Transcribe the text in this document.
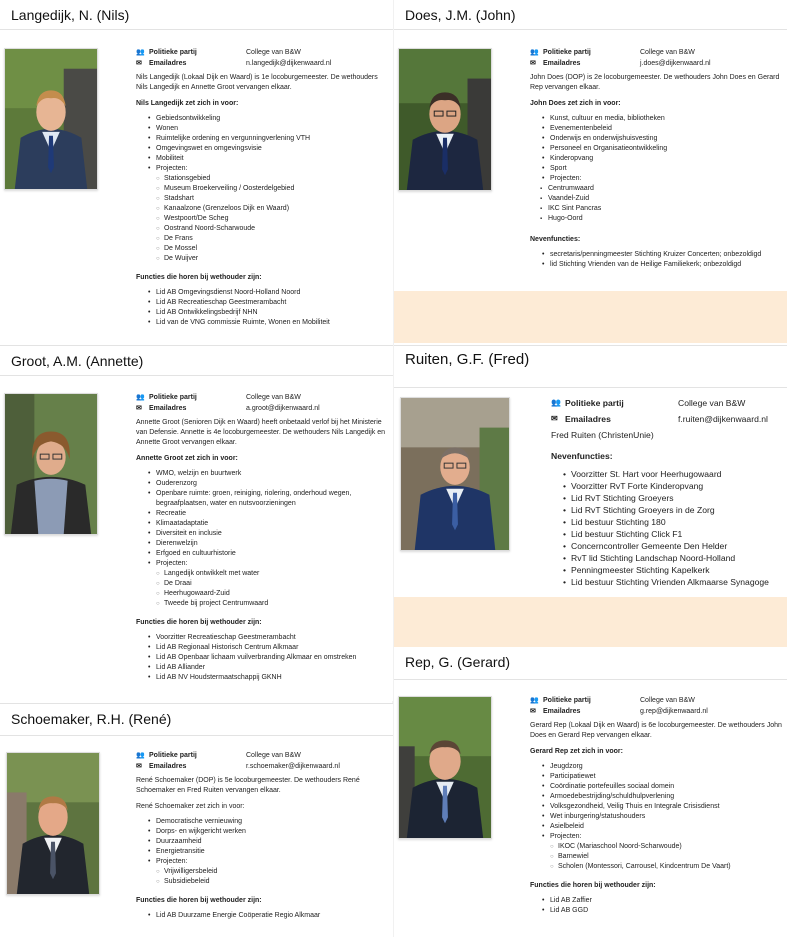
Langedijk, N. (Nils)
👥 Politieke partij	College van B&W
✉	Emailadres	n.langedijk@dijkenwaard.nl

Nils Langedijk (Lokaal Dijk en Waard) is 1e locoburgemeester. De wethouders Nils Langedijk en Annette Groot vervangen elkaar.

Nils Langedijk zet zich in voor:

• Gebiedsontwikkeling
• Wonen
• Ruimtelijke ordening en vergunningverlening VTH
• Omgevingswet en omgevingsvisie
• Mobiliteit
• Projecten:
○ Stationsgebied
○ Museum Broekerveiling / Oosterdelgebied
○ Stadshart
○ Kanaalzone (Grenzeloos Dijk en Waard)
○ Westpoort/De Scheg
○ Oostrand Noord-Scharwoude
○ De Frans
○ De Mossel
○ De Wuijver

Functies die horen bij wethouder zijn:

• Lid AB Omgevingsdienst Noord-Holland Noord
• Lid AB Recreatieschap Geestmerambacht
• Lid AB Ontwikkelingsbedrijf NHN
• Lid van de VNG commissie Ruimte, Wonen en Mobiliteit
Does, J.M. (John)
👥 Politieke partij	College van B&W
✉	Emailadres	j.does@dijkenwaard.nl

John Does (DOP) is 2e locoburgemeester. De wethouders John Does en Gerard Rep vervangen elkaar.

John Does zet zich in voor:

• Kunst, cultuur en media, bibliotheken
• Evenementenbeleid
• Onderwijs en onderwijshuisvesting
• Personeel en Organisatieontwikkeling
• Kinderopvang
• Sport
• Projecten:
▪ Centrumwaard
▪ Vaandel-Zuid
▪ IKC Sint Pancras
▪ Hugo-Oord

Nevenfuncties:

• secretaris/penningmeester Stichting Kruizer Concerten; onbezoldigd
• lid Stichting Vrienden van de Heilige Familiekerk; onbezoldigd
Groot, A.M. (Annette)
👥 Politieke partij	College van B&W
✉	Emailadres	a.groot@dijkenwaard.nl

Annette Groot (Senioren Dijk en Waard) heeft onbetaald verlof bij het Ministerie van Defensie. Annette is 4e locoburgemeester. De wethouders Nils Langedijk en Annette Groot vervangen elkaar.

Annette Groot zet zich in voor:

• WMO, welzijn en buurtwerk
• Ouderenzorg
• Openbare ruimte: groen, reiniging, riolering, onderhoud wegen, begraafplaatsen, water en nutsvoorzieningen
• Recreatie
• Klimaatadaptatie
• Diversiteit en inclusie
• Dierenwelzijn
• Erfgoed en cultuurhistorie
• Projecten:
○ Langedijk ontwikkelt met water
○ De Draai
○ Heerhugowaard-Zuid
○ Tweede bij project Centrumwaard

Functies die horen bij wethouder zijn:

• Voorzitter Recreatieschap Geestmerambacht
• Lid AB Regionaal Historisch Centrum Alkmaar
• Lid AB Openbaar lichaam vuilverbranding Alkmaar en omstreken
• Lid AB Alliander
• Lid AB NV Houdstermaatschappij GKNH
Ruiten, G.F. (Fred)
👥 Politieke partij	College van B&W
✉ Emailadres	f.ruiten@dijkenwaard.nl

Fred Ruiten (ChristenUnie)

Nevenfuncties:

• Voorzitter St. Hart voor Heerhugowaard
• Voorzitter RvT Forte Kinderopvang
• Lid RvT Stichting Groeyers
• Lid RvT Stichting Groeyers in de Zorg
• Lid bestuur Stichting 180
• Lid bestuur Stichting Click F1
• Concerncontroller Gemeente Den Helder
• RvT lid Stichting Landschap Noord-Holland
• Penningmeester Stichting Kapelkerk
• Lid bestuur Stichting Vrienden Alkmaarse Synagoge
Schoemaker, R.H. (René)
👥 Politieke partij	College van B&W
✉	Emailadres	r.schoemaker@dijkenwaard.nl

René Schoemaker (DOP) is 5e locoburgemeester. De wethouders René Schoemaker en Fred Ruiten vervangen elkaar.

René Schoemaker zet zich in voor:

• Democratische vernieuwing
• Dorps- en wijkgericht werken
• Duurzaamheid
• Energietransitie
• Projecten:
○ Vrijwilligersbeleid
○ Subsidiebeleid

Functies die horen bij wethouder zijn:

• Lid AB Duurzame Energie Coöperatie Regio Alkmaar
Rep, G. (Gerard)
👥 Politieke partij	College van B&W
✉	Emailadres	g.rep@dijkenwaard.nl

Gerard Rep (Lokaal Dijk en Waard) is 6e locoburgemeester. De wethouders John Does en Gerard Rep vervangen elkaar.

Gerard Rep zet zich in voor:

• Jeugdzorg
• Participatiewet
• Coördinatie portefeuilles sociaal domein
• Armoedebestrijding/schuldhulpverlening
• Volksgezondheid, Veilig Thuis en Integrale Crisisdienst
• Wet inburgering/statushouders
• Asielbeleid
• Projecten:
○ IKOC (Mariaschool Noord-Scharwoude)
○ Barnewiel
○ Scholen (Montessori, Carrousel, Kindcentrum De Vaart)

Functies die horen bij wethouder zijn:

• Lid AB Zaffier
• Lid AB GGD
